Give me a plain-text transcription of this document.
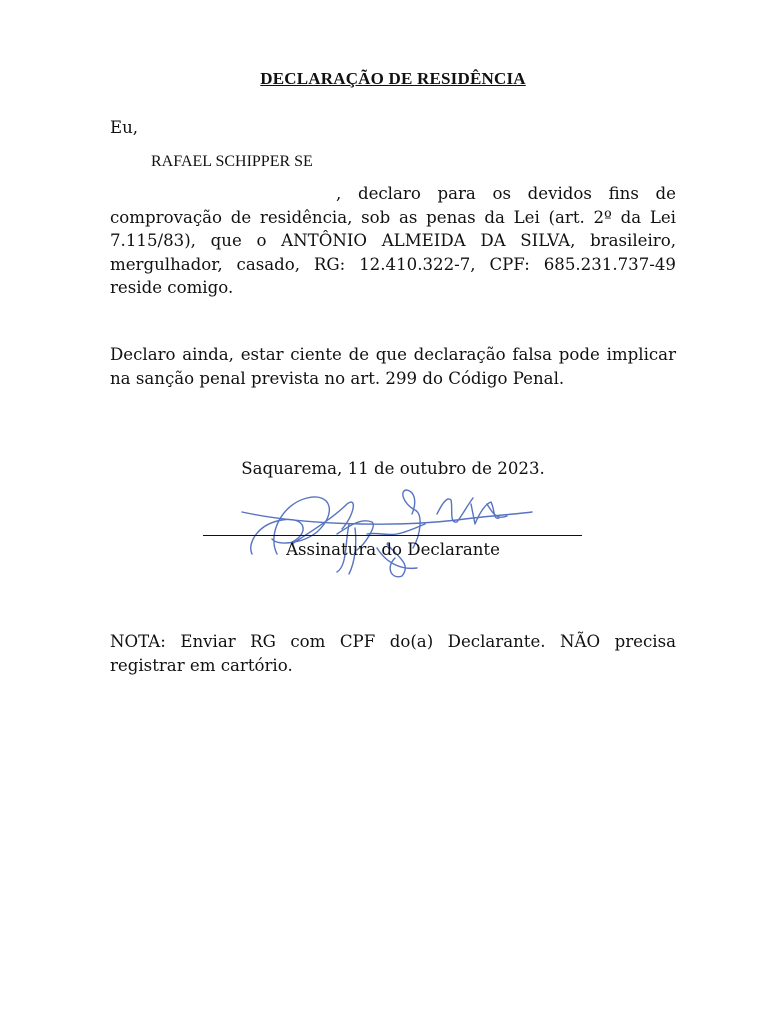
DECLARAÇÃO DE RESIDÊNCIA
Eu,
RAFAEL SCHIPPER SE
, declaro para os devidos fins de comprovação de residência, sob as penas da Lei (art. 2º da Lei 7.115/83), que o ANTÔNIO ALMEIDA DA SILVA, brasileiro, mergulhador, casado, RG: 12.410.322-7, CPF: 685.231.737-49 reside comigo.
Declaro ainda, estar ciente de que declaração falsa pode implicar na sanção penal prevista no art. 299 do Código Penal.
Saquarema, 11 de outubro de 2023.
Assinatura do Declarante
NOTA: Enviar RG com CPF do(a) Declarante. NÃO precisa registrar em cartório.
